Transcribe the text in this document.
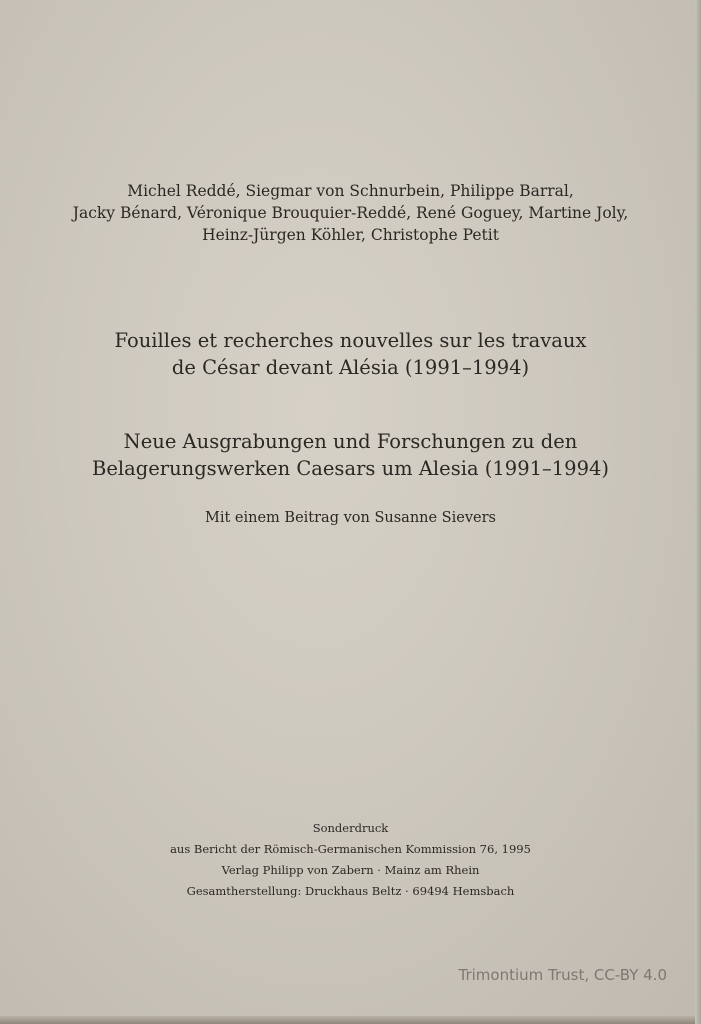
Michel Reddé, Siegmar von Schnurbein, Philippe Barral,
Jacky Bénard, Véronique Brouquier-Reddé, René Goguey, Martine Joly,
Heinz-Jürgen Köhler, Christophe Petit
Fouilles et recherches nouvelles sur les travaux
de César devant Alésia (1991–1994)
Neue Ausgrabungen und Forschungen zu den
Belagerungswerken Caesars um Alesia (1991–1994)
Mit einem Beitrag von Susanne Sievers
Sonderdruck
aus Bericht der Römisch-Germanischen Kommission 76, 1995
Verlag Philipp von Zabern · Mainz am Rhein
Gesamtherstellung: Druckhaus Beltz · 69494 Hemsbach
Trimontium Trust, CC-BY 4.0
